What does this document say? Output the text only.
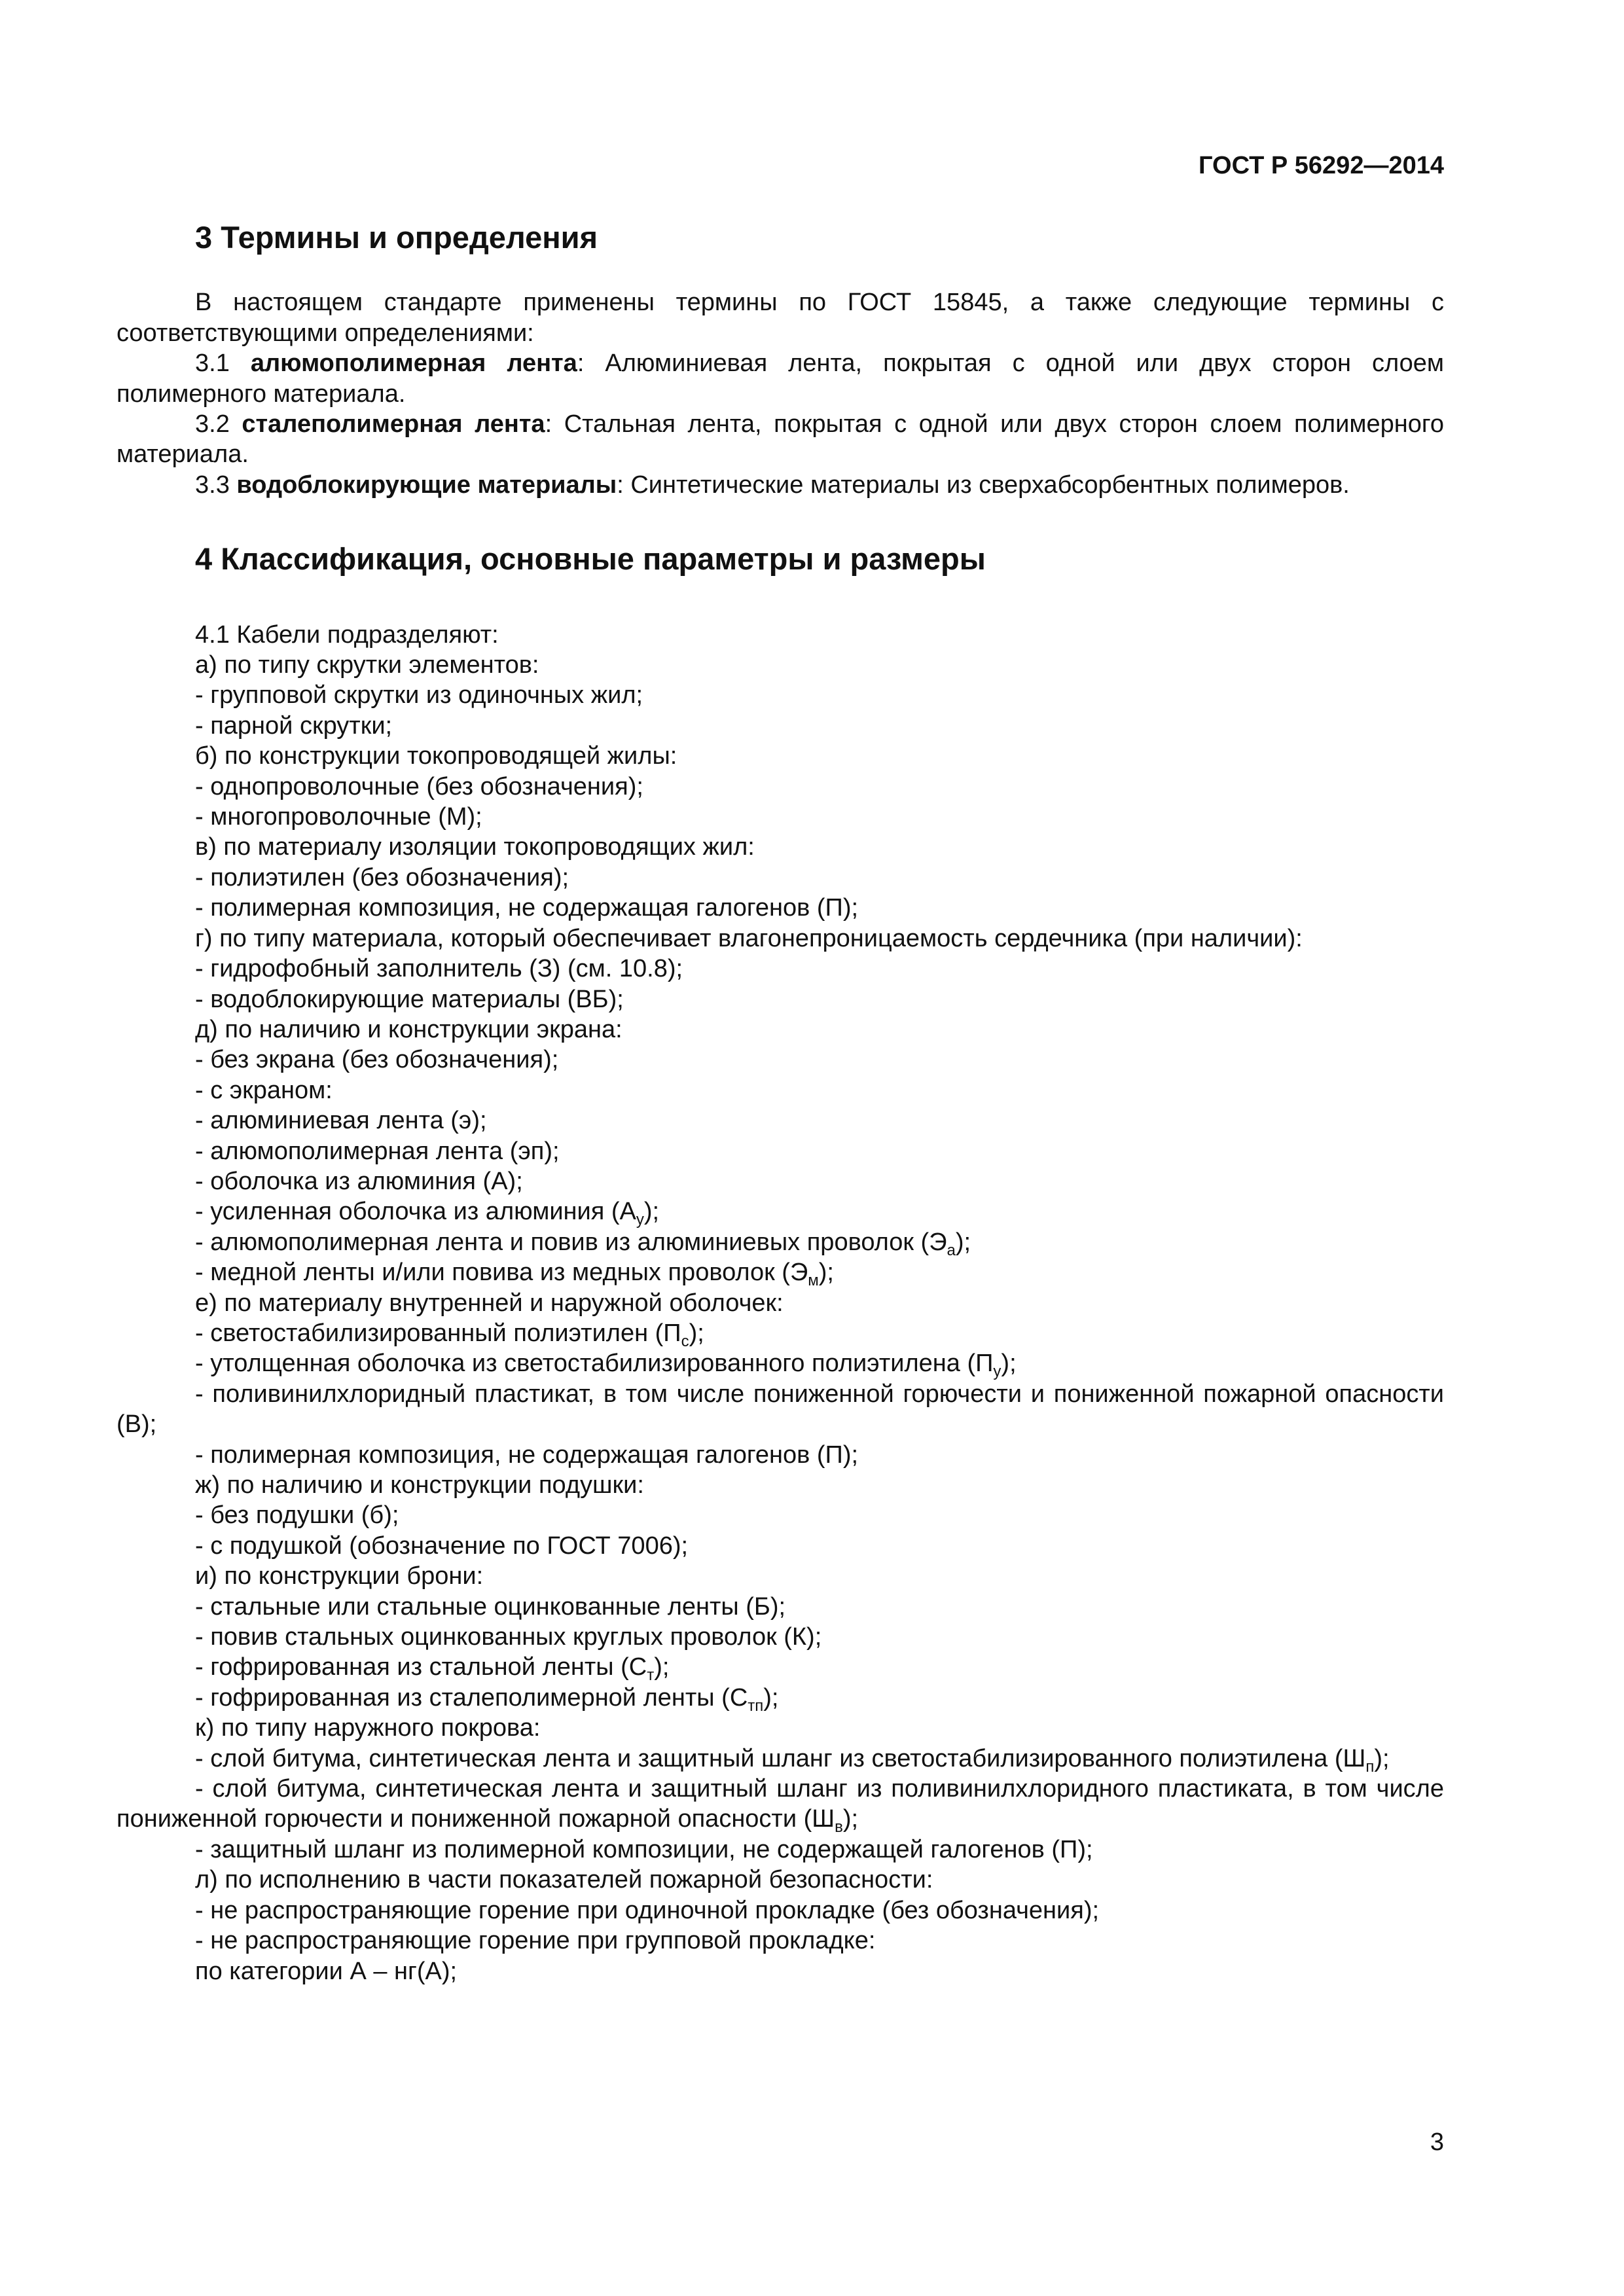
ГОСТ Р 56292—2014
3 Термины и определения

В настоящем стандарте применены термины по ГОСТ 15845, а также следующие термины с соответствующими определениями:

3.1 алюмополимерная лента: Алюминиевая лента, покрытая с одной или двух сторон слоем полимерного материала.

3.2 сталеполимерная лента: Стальная лента, покрытая с одной или двух сторон слоем полимерного материала.

3.3 водоблокирующие материалы: Синтетические материалы из сверхабсорбентных полимеров.

4 Классификация, основные параметры и размеры

4.1 Кабели подразделяют:

а) по типу скрутки элементов:

- групповой скрутки из одиночных жил;

- парной скрутки;

б) по конструкции токопроводящей жилы:

- однопроволочные (без обозначения);

- многопроволочные (М);

в) по материалу изоляции токопроводящих жил:

- полиэтилен (без обозначения);

- полимерная композиция, не содержащая галогенов (П);

г) по типу материала, который обеспечивает влагонепроницаемость сердечника (при наличии):

- гидрофобный заполнитель (З) (см. 10.8);

- водоблокирующие материалы (ВБ);

д) по наличию и конструкции экрана:

- без экрана (без обозначения);

- с экраном:

- алюминиевая лента (э);

- алюмополимерная лента (эп);

- оболочка из алюминия (А);

- усиленная оболочка из алюминия $(А_у)$;

- алюмополимерная лента и повив из алюминиевых проволок $(Э_а)$;

- медной ленты и/или повива из медных проволок $(Э_м)$;

е) по материалу внутренней и наружной оболочек:

- светостабилизированный полиэтилен $(П_с)$;

- утолщенная оболочка из светостабилизированного полиэтилена $(П_у)$;

- поливинилхлоридный пластикат, в том числе пониженной горючести и пониженной пожарной опасности (В);

- полимерная композиция, не содержащая галогенов (П);

ж) по наличию и конструкции подушки:

- без подушки (б);

- с подушкой (обозначение по ГОСТ 7006);

и) по конструкции брони:

- стальные или стальные оцинкованные ленты (Б);

- повив стальных оцинкованных круглых проволок (К);

- гофрированная из стальной ленты $(С_т)$;

- гофрированная из сталеполимерной ленты $(С_{тп})$;

к) по типу наружного покрова:

- слой битума, синтетическая лента и защитный шланг из светостабилизированного полиэтилена $(Ш_п)$;

- слой битума, синтетическая лента и защитный шланг из поливинилхлоридного пластиката, в том числе пониженной горючести и пониженной пожарной опасности $(Ш_в)$;

- защитный шланг из полимерной композиции, не содержащей галогенов (П);

л) по исполнению в части показателей пожарной безопасности:

- не распространяющие горение при одиночной прокладке (без обозначения);

- не распространяющие горение при групповой прокладке:

по категории А – нг(А);

3
